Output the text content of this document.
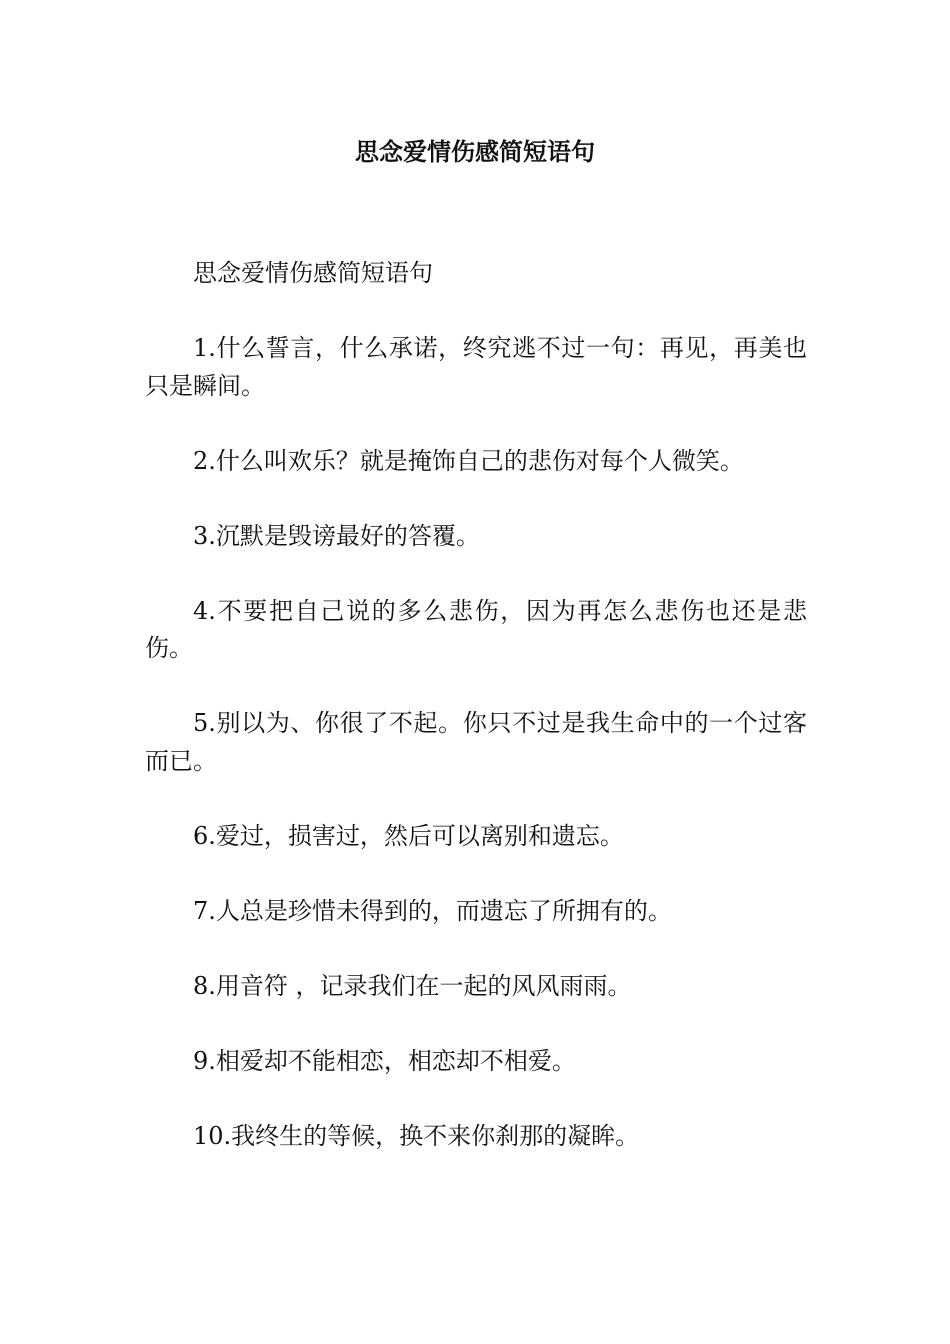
思念爱情伤感简短语句

思念爱情伤感简短语句

1.什么誓言，什么承诺，终究逃不过一句：再见，再美也只是瞬间。

2.什么叫欢乐？就是掩饰自己的悲伤对每个人微笑。

3.沉默是毁谤最好的答覆。

4.不要把自己说的多么悲伤，因为再怎么悲伤也还是悲伤。

5.别以为、你很了不起。你只不过是我生命中的一个过客而已。

6.爱过，损害过，然后可以离别和遗忘。

7.人总是珍惜未得到的，而遗忘了所拥有的。

8.用音符 ，记录我们在一起的风风雨雨。

9.相爱却不能相恋，相恋却不相爱。

10.我终生的等候，换不来你刹那的凝眸。
